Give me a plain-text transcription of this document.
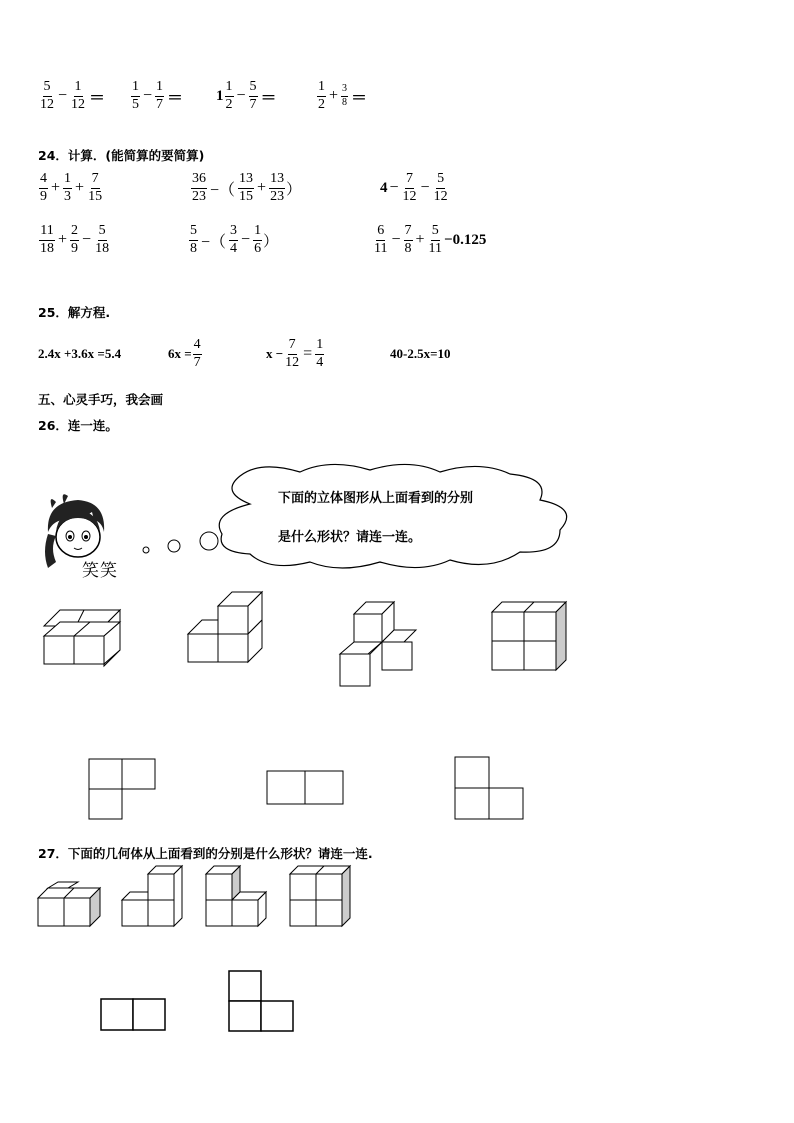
$\frac{5}{12} - \frac{1}{12} = \frac{1}{5} - \frac{1}{7} = 1 \frac{1}{2} - \frac{5}{7}$ ＝	$\frac{1}{2} + \frac{3}{8}$ ＝
24．计算．(能简算的要简算)
$\frac{4}{9} + \frac{1}{3} + \frac{7}{15}$	$\frac{36}{23}$ −（ $\frac{13}{15} + \frac{13}{23}$ ）	$4 - \frac{7}{12} - \frac{5}{12}$
$\frac{11}{18} + \frac{2}{9} - \frac{5}{18}$	$\frac{5}{8}$ −（ $\frac{3}{4} - \frac{1}{6}$ ）	$\frac{6}{11} - \frac{7}{8} + \frac{5}{11} -0.125$
25．解方程.
2.4x +3.6x =5.4	$6x = \frac{4}{7}$	$x - \frac{7}{12} = \frac{1}{4}$	40-2.5x=10
五、心灵手巧，我会画
26．连一连。
笑笑
下面的立体图形从上面看到的分别
是什么形状？请连一连。
27．下面的几何体从上面看到的分别是什么形状？请连一连.
